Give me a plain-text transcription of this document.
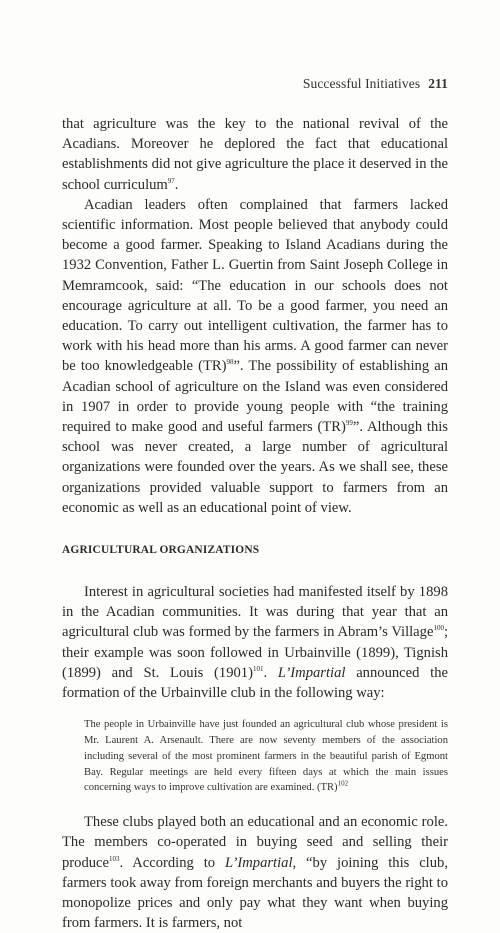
Successful Initiatives 211

that agriculture was the key to the national revival of the Acadians. Moreover he deplored the fact that educational establishments did not give agriculture the place it deserved in the school curriculum$^{97}$.

Acadian leaders often complained that farmers lacked scientific information. Most people believed that anybody could become a good farmer. Speaking to Island Acadians during the 1932 Convention, Father L. Guertin from Saint Joseph College in Memramcook, said: “The education in our schools does not encourage agriculture at all. To be a good farmer, you need an education. To carry out intelligent cultivation, the farmer has to work with his head more than his arms. A good farmer can never be too knowledgeable (TR)$^{98}$”. The possibility of establishing an Acadian school of agriculture on the Island was even considered in 1907 in order to provide young people with “the training required to make good and useful farmers (TR)$^{99}$”. Although this school was never created, a large number of agricultural organizations were founded over the years. As we shall see, these organizations provided valuable support to farmers from an economic as well as an educational point of view.

AGRICULTURAL ORGANIZATIONS

Interest in agricultural societies had manifested itself by 1898 in the Acadian communities. It was during that year that an agricultural club was formed by the farmers in Abram’s Village$^{100}$; their example was soon followed in Urbainville (1899), Tignish (1899) and St. Louis $(1901)^{101}$. L’Impartial announced the formation of the Urbainville club in the following way:

The people in Urbainville have just founded an agricultural club whose president is Mr. Laurent A. Arsenault. There are now seventy members of the association including several of the most prominent farmers in the beautiful parish of Egmont Bay. Regular meetings are held every fifteen days at which the main issues concerning ways to improve cultivation are examined. (TR)$^{102}$

These clubs played both an educational and an economic role. The members co-operated in buying seed and selling their produce$^{103}$. According to L’Impartial, “by joining this club, farmers took away from foreign merchants and buyers the right to monopolize prices and only pay what they want when buying from farmers. It is farmers, not
